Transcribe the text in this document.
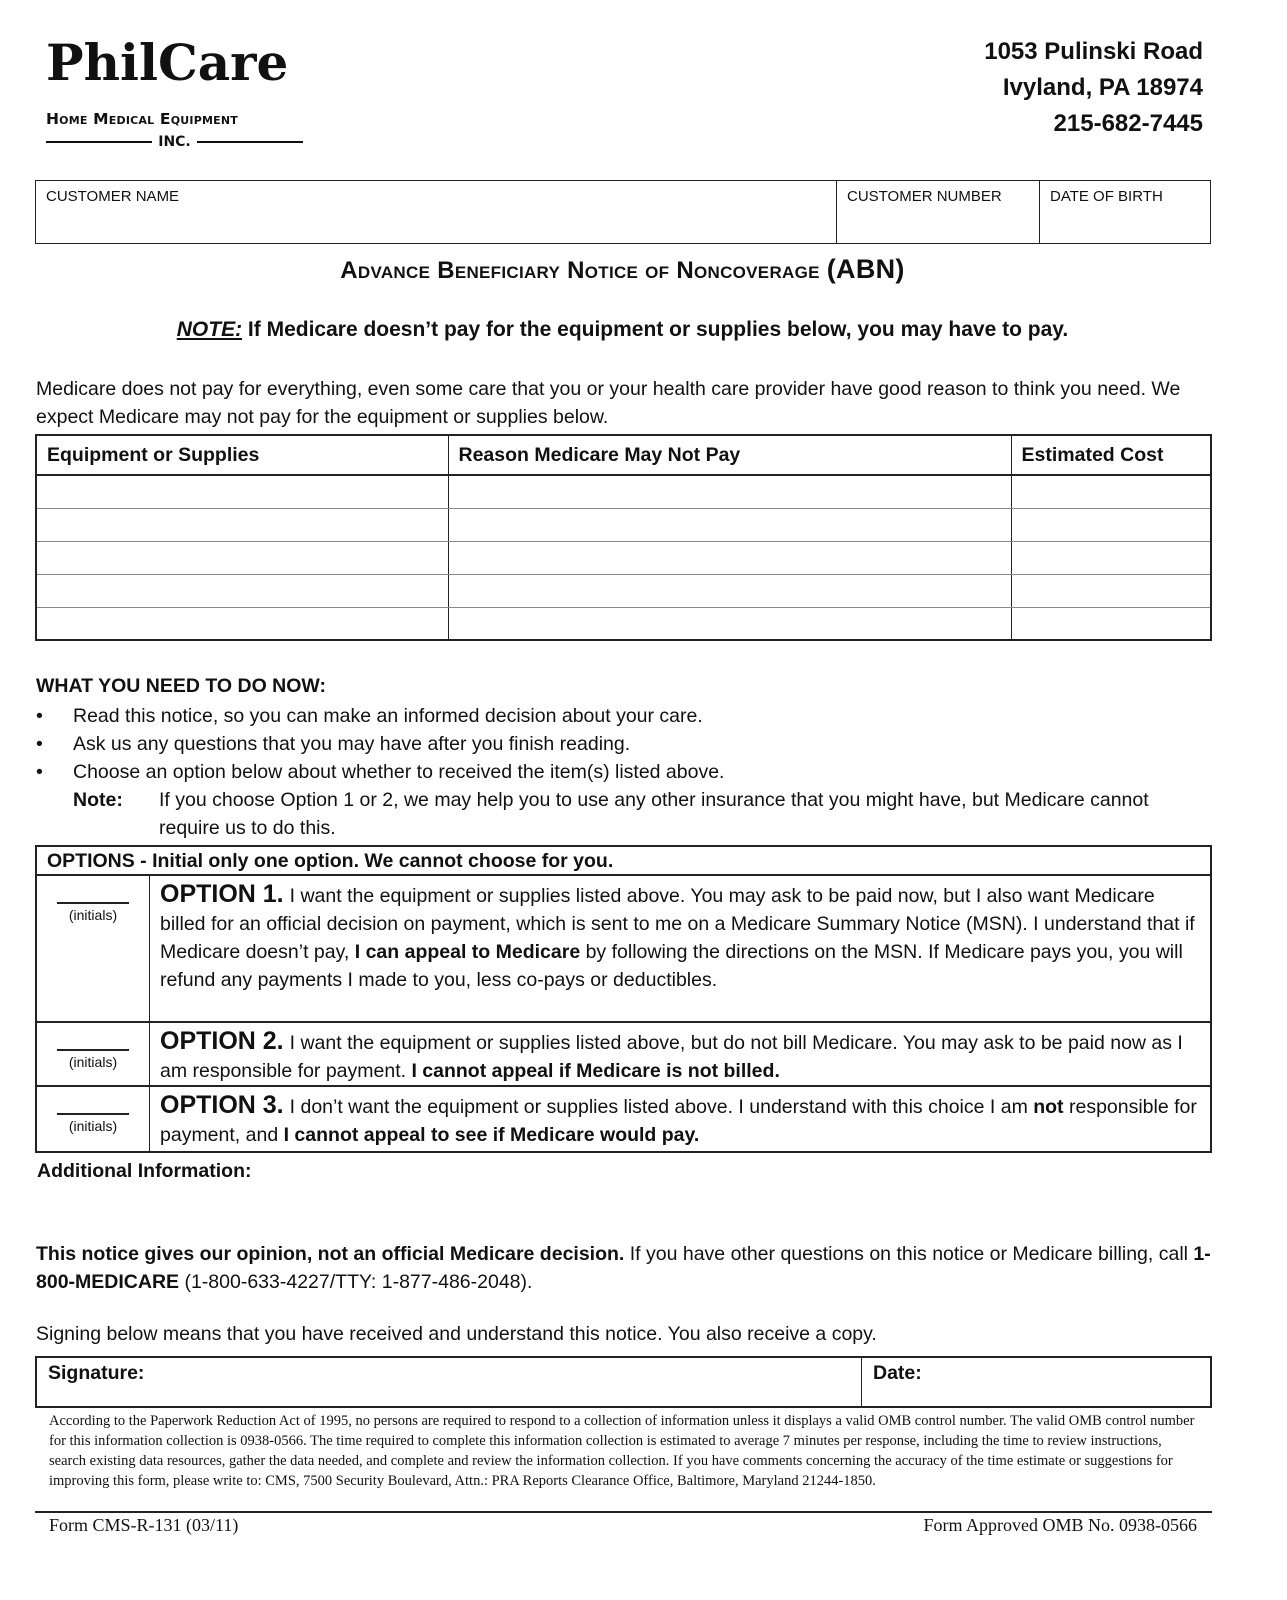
PhilCare
Home Medical Equipment
INC.
1053 Pulinski Road
Ivyland, PA 18974
215-682-7445
CUSTOMER NAME	CUSTOMER NUMBER	DATE OF BIRTH
Advance Beneficiary Notice of Noncoverage (ABN)
NOTE: If Medicare doesn’t pay for the equipment or supplies below, you may have to pay.
Medicare does not pay for everything, even some care that you or your health care provider have good reason to think you need. We expect Medicare may not pay for the equipment or supplies below.
Equipment or Supplies	Reason Medicare May Not Pay	Estimated Cost

WHAT YOU NEED TO DO NOW:
• Read this notice, so you can make an informed decision about your care.
• Ask us any questions that you may have after you finish reading.
• Choose an option below about whether to received the item(s) listed above.
Note:	If you choose Option 1 or 2, we may help you to use any other insurance that you might have, but Medicare cannot require us to do this.
OPTIONS - Initial only one option. We cannot choose for you.
(initials)
OPTION 1. I want the equipment or supplies listed above. You may ask to be paid now, but I also want Medicare billed for an official decision on payment, which is sent to me on a Medicare Summary Notice (MSN). I understand that if Medicare doesn’t pay, I can appeal to Medicare by following the directions on the MSN. If Medicare pays you, you will refund any payments I made to you, less co-pays or deductibles.
(initials)
OPTION 2. I want the equipment or supplies listed above, but do not bill Medicare. You may ask to be paid now as I am responsible for payment. I cannot appeal if Medicare is not billed.
(initials)
OPTION 3. I don’t want the equipment or supplies listed above. I understand with this choice I am not responsible for payment, and I cannot appeal to see if Medicare would pay.
Additional Information:
This notice gives our opinion, not an official Medicare decision. If you have other questions on this notice or Medicare billing, call 1-800-MEDICARE (1-800-633-4227/TTY: 1-877-486-2048).
Signing below means that you have received and understand this notice. You also receive a copy.
Signature:	Date:
According to the Paperwork Reduction Act of 1995, no persons are required to respond to a collection of information unless it displays a valid OMB control number. The valid OMB control number for this information collection is 0938-0566. The time required to complete this information collection is estimated to average 7 minutes per response, including the time to review instructions, search existing data resources, gather the data needed, and complete and review the information collection. If you have comments concerning the accuracy of the time estimate or suggestions for improving this form, please write to: CMS, 7500 Security Boulevard, Attn.: PRA Reports Clearance Office, Baltimore, Maryland 21244-1850.
Form CMS-R-131 (03/11)	Form Approved OMB No. 0938-0566
